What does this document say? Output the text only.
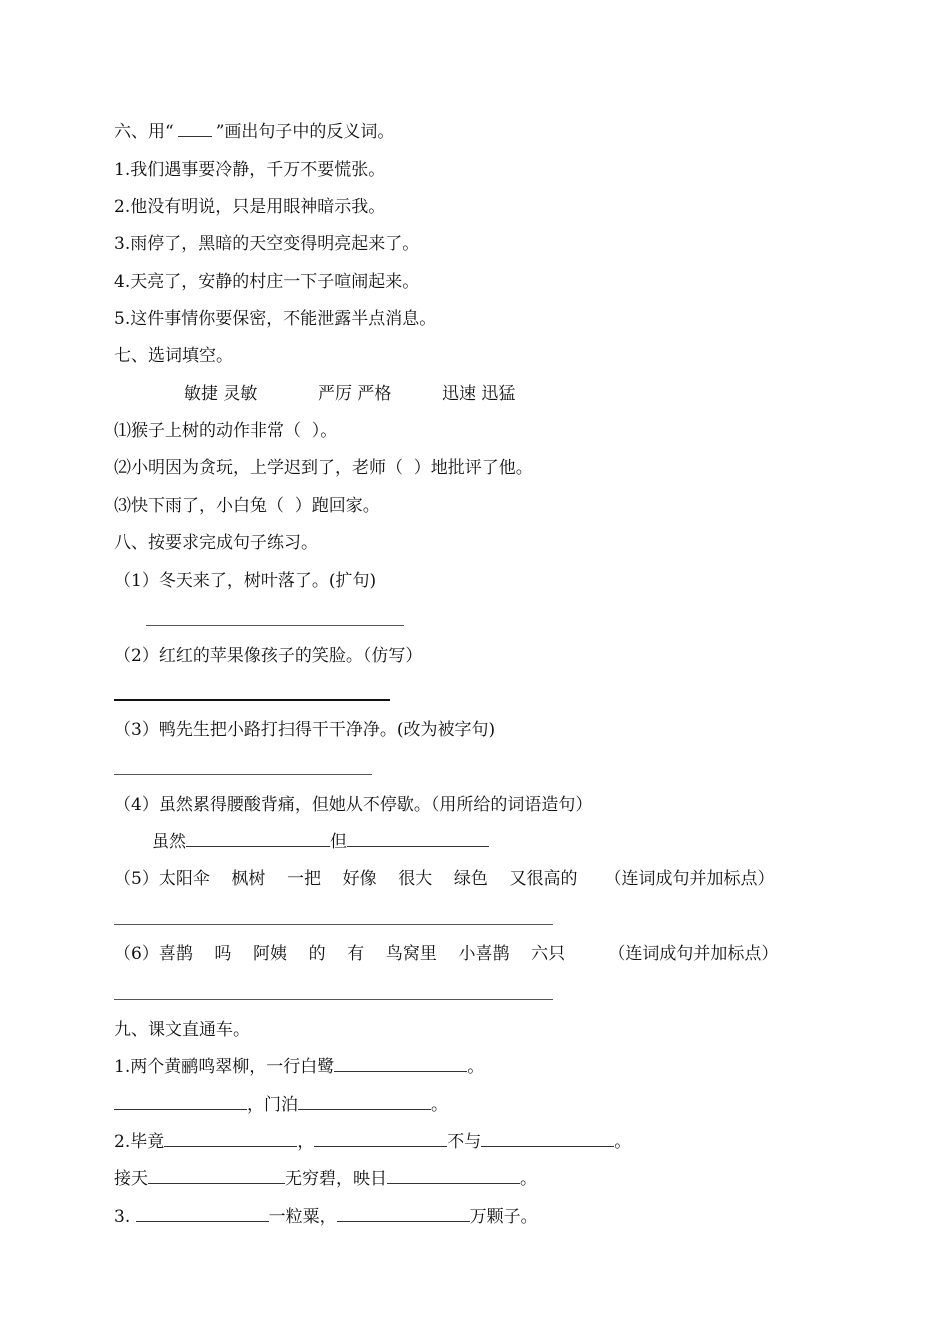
六、用“ ”画出句子中的反义词。
1.我们遇事要冷静，千万不要慌张。
2.他没有明说，只是用眼神暗示我。
3.雨停了，黑暗的天空变得明亮起来了。
4.天亮了，安静的村庄一下子喧闹起来。
5.这件事情你要保密，不能泄露半点消息。
七、选词填空。
敏捷 灵敏	严厉 严格	迅速 迅猛
⑴猴子上树的动作非常（  ）。
⑵小明因为贪玩，上学迟到了，老师（  ）地批评了他。
⑶快下雨了，小白兔（  ）跑回家。
八、按要求完成句子练习。
（1）冬天来了，树叶落了。(扩句)
（2）红红的苹果像孩子的笑脸。（仿写）
（3）鸭先生把小路打扫得干干净净。(改为被字句)
（4）虽然累得腰酸背痛，但她从不停歇。（用所给的词语造句）
虽然	但
（5）太阳伞    枫树    一把    好像    很大    绿色    又很高的     （连词成句并加标点）
（6）喜鹊    吗    阿姨    的    有    鸟窝里    小喜鹊    六只        （连词成句并加标点）
九、课文直通车。
1.两个黄鹂鸣翠柳，一行白鹭	。
，门泊	。
2.毕竟	，	不与	。
接天	无穷碧，映日	。
3.	一粒粟，	万颗子。
